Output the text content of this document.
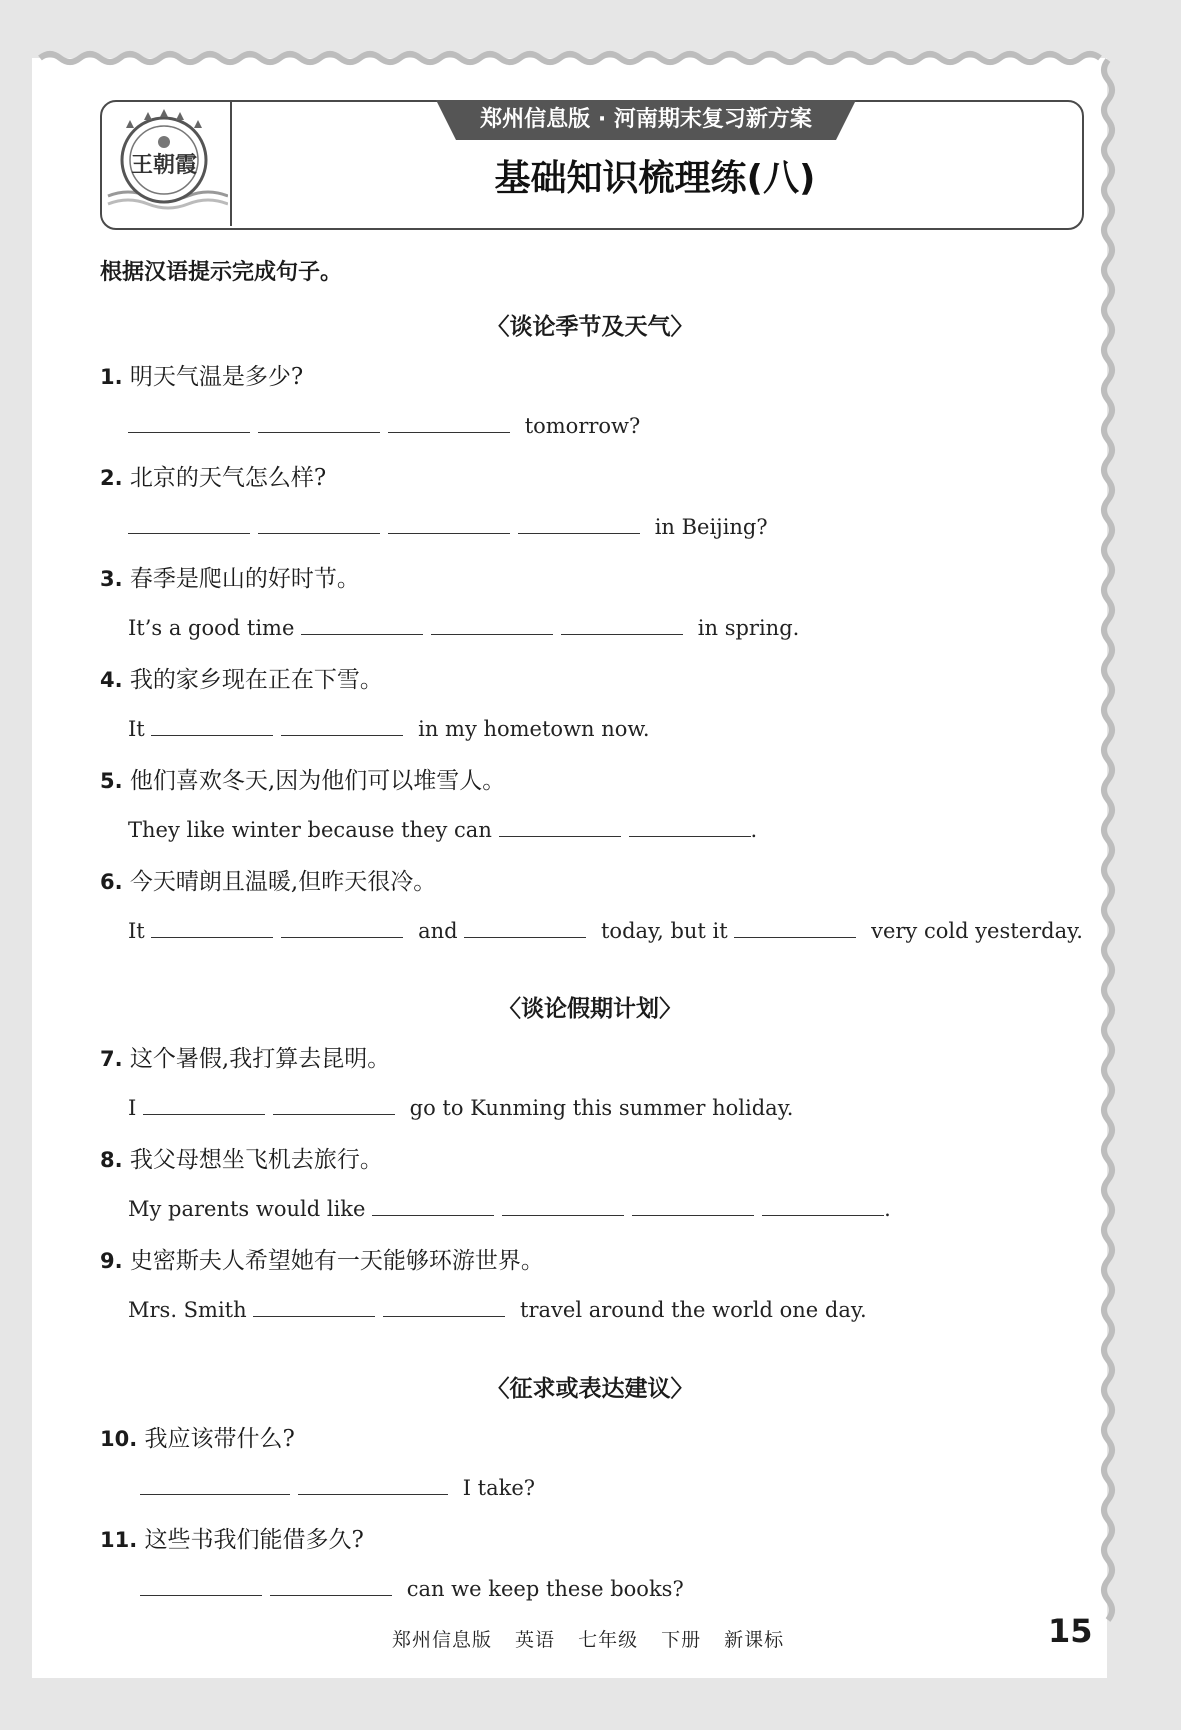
王朝霞
郑州信息版 · 河南期末复习新方案
基础知识梳理练(八)
根据汉语提示完成句子。
〈谈论季节及天气〉
1. 明天气温是多少?
tomorrow?
2. 北京的天气怎么样?
in Beijing?
3. 春季是爬山的好时节。
It’s a good time	in spring.
4. 我的家乡现在正在下雪。
It	in my hometown now.
5. 他们喜欢冬天,因为他们可以堆雪人。
They like winter because they can	.
6. 今天晴朗且温暖,但昨天很冷。
It	and	today, but it	very cold yesterday.
〈谈论假期计划〉
7. 这个暑假,我打算去昆明。
I	go to Kunming this summer holiday.
8. 我父母想坐飞机去旅行。
My parents would like	.
9. 史密斯夫人希望她有一天能够环游世界。
Mrs. Smith	travel around the world one day.
〈征求或表达建议〉
10. 我应该带什么?
I take?
11. 这些书我们能借多久?
can we keep these books?
郑州信息版 英语 七年级 下册 新课标	15
